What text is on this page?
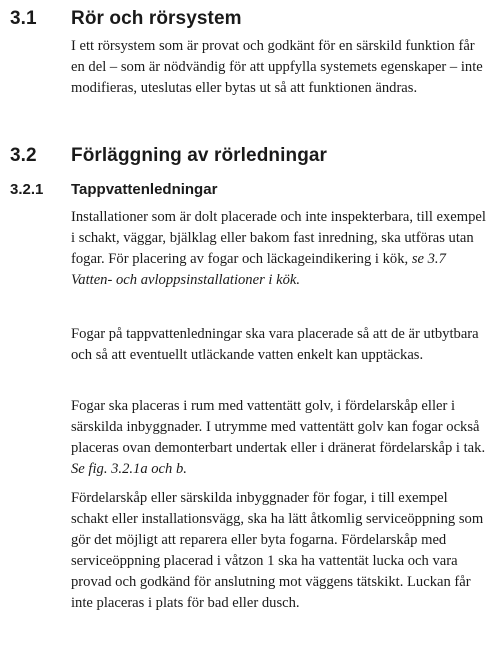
3.1 Rör och rörsystem

I ett rörsystem som är provat och godkänt för en särskild funktion får en del – som är nödvändig för att uppfylla systemets egenskaper – inte modifieras, uteslutas eller bytas ut så att funktionen ändras.

3.2 Förläggning av rörledningar
3.2.1 Tappvattenledningar

Installationer som är dolt placerade och inte inspekterbara, till exempel i schakt, väggar, bjälklag eller bakom fast inredning, ska utföras utan fogar. För placering av fogar och läckageindikering i kök, se 3.7 Vatten- och avloppsinstallationer i kök.

Fogar på tappvattenledningar ska vara placerade så att de är utbytbara och så att eventuellt utläckande vatten enkelt kan upptäckas.

Fogar ska placeras i rum med vattentätt golv, i fördelarskåp eller i särskilda inbyggnader. I utrymme med vattentätt golv kan fogar också placeras ovan demonterbart undertak eller i dränerat fördelarskåp i tak. Se fig. 3.2.1a och b.

Fördelarskåp eller särskilda inbyggnader för fogar, i till exempel schakt eller installationsvägg, ska ha lätt åtkomlig serviceöppning som gör det möjligt att reparera eller byta fogarna. Fördelarskåp med serviceöppning placerad i våtzon 1 ska ha vattentät lucka och vara provad och godkänd för anslutning mot väggens tätskikt. Luckan får inte placeras i plats för bad eller dusch.
